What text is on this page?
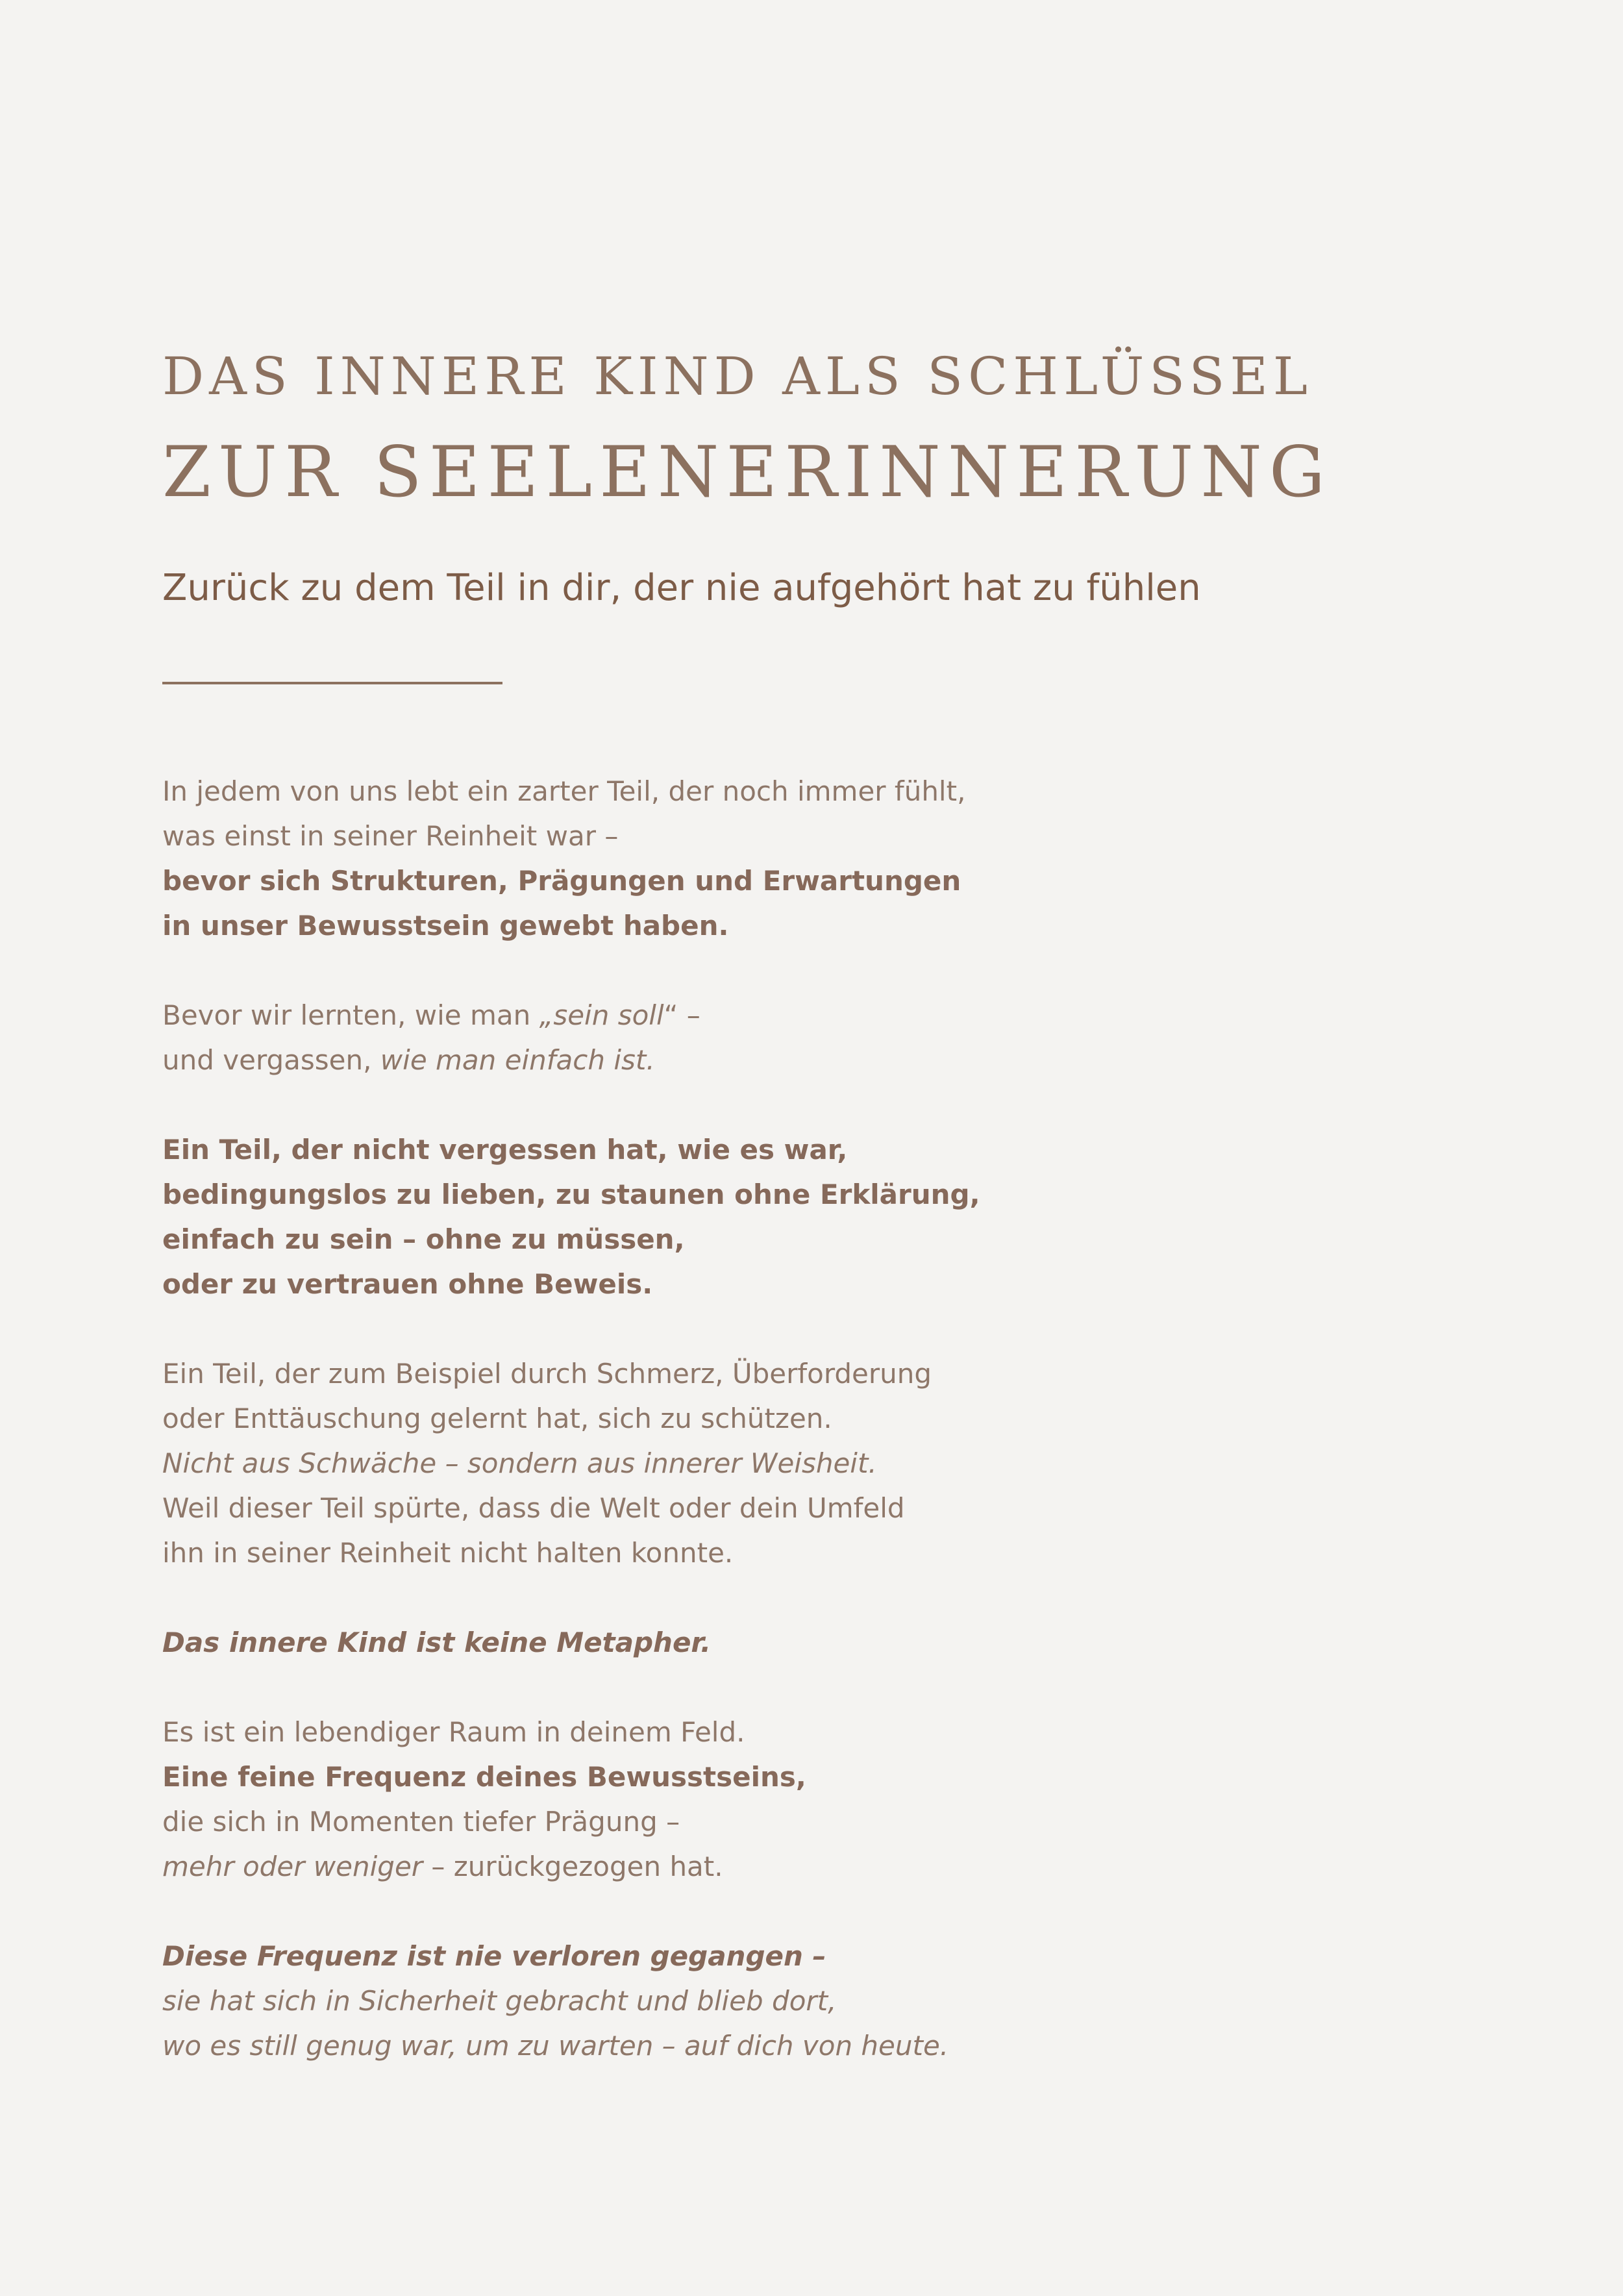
DAS INNERE KIND ALS SCHLÜSSEL
ZUR SEELENERINNERUNG
Zurück zu dem Teil in dir, der nie aufgehört hat zu fühlen

In jedem von uns lebt ein zarter Teil, der noch immer fühlt,
was einst in seiner Reinheit war –
bevor sich Strukturen, Prägungen und Erwartungen
in unser Bewusstsein gewebt haben.

Bevor wir lernten, wie man „sein soll“ –
und vergassen, wie man einfach ist.

Ein Teil, der nicht vergessen hat, wie es war,
bedingungslos zu lieben, zu staunen ohne Erklärung,
einfach zu sein – ohne zu müssen,
oder zu vertrauen ohne Beweis.

Ein Teil, der zum Beispiel durch Schmerz, Überforderung
oder Enttäuschung gelernt hat, sich zu schützen.
Nicht aus Schwäche – sondern aus innerer Weisheit.
Weil dieser Teil spürte, dass die Welt oder dein Umfeld
ihn in seiner Reinheit nicht halten konnte.

Das innere Kind ist keine Metapher.

Es ist ein lebendiger Raum in deinem Feld.
Eine feine Frequenz deines Bewusstseins,
die sich in Momenten tiefer Prägung –
mehr oder weniger – zurückgezogen hat.

Diese Frequenz ist nie verloren gegangen –
sie hat sich in Sicherheit gebracht und blieb dort,
wo es still genug war, um zu warten – auf dich von heute.
